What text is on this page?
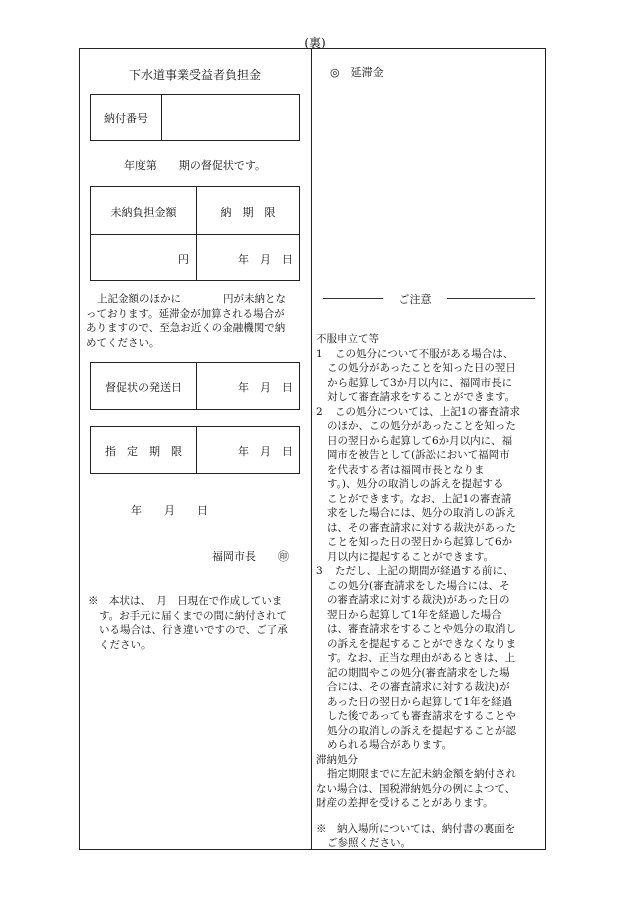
(裏)
下水道事業受益者負担金
納付番号
年度第　　期の督促状です。
未納負担金額	納　期　限
円	年　月　日

上記金額のほかに　　　　円が未納とな

っております。延滞金が加算される場合が

ありますので、至急お近くの金融機関で納

めてください。

督促状の発送日	年　月　日
指　定　期　限	年　月　日
年　　月　　日
福岡市長　　㊞

※　本状は、　月　日現在で作成していま

す。お手元に届くまでの間に納付されて

いる場合は、行き違いですので、ご了承

ください。

◎　延滞金
ご注意

不服申立て等

1 この処分について不服がある場合は、

この処分があったことを知った日の翌日

から起算して3か月以内に、福岡市長に

対して審査請求をすることができます。

2 この処分については、上記1の審査請求

のほか、この処分があったことを知った

日の翌日から起算して6か月以内に、福

岡市を被告として(訴訟において福岡市

を代表する者は福岡市長となりま

す。)、処分の取消しの訴えを提起する

ことができます。なお、上記1の審査請

求をした場合には、処分の取消しの訴え

は、その審査請求に対する裁決があった

ことを知った日の翌日から起算して6か

月以内に提起することができます。

3 ただし、上記の期間が経過する前に、

この処分(審査請求をした場合には、そ

の審査請求に対する裁決)があった日の

翌日から起算して1年を経過した場合

は、審査請求をすることや処分の取消し

の訴えを提起することができなくなりま

す。なお、正当な理由があるときは、上

記の期間やこの処分(審査請求をした場

合には、その審査請求に対する裁決)が

あった日の翌日から起算して1年を経過

した後であっても審査請求をすることや

処分の取消しの訴えを提起することが認

められる場合があります。

滞納処分

指定期限までに左記未納金額を納付され

ない場合は、国税滞納処分の例によつて、

財産の差押を受けることがあります。

※　納入場所については、納付書の裏面を

ご参照ください。
